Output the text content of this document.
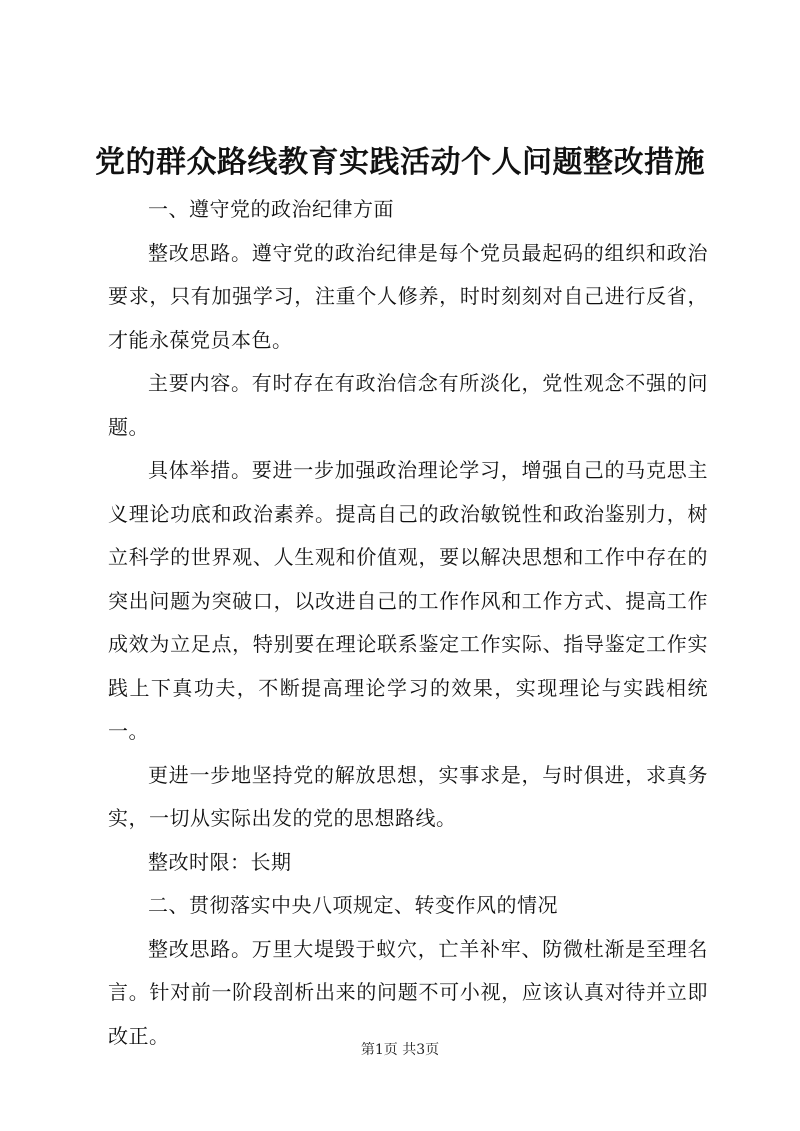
党的群众路线教育实践活动个人问题整改措施

一、遵守党的政治纪律方面

整改思路。遵守党的政治纪律是每个党员最起码的组织和政治要求，只有加强学习，注重个人修养，时时刻刻对自己进行反省，才能永葆党员本色。

主要内容。有时存在有政治信念有所淡化，党性观念不强的问题。

具体举措。要进一步加强政治理论学习，增强自己的马克思主义理论功底和政治素养。提高自己的政治敏锐性和政治鉴别力，树立科学的世界观、人生观和价值观，要以解决思想和工作中存在的突出问题为突破口，以改进自己的工作作风和工作方式、提高工作成效为立足点，特别要在理论联系鉴定工作实际、指导鉴定工作实践上下真功夫，不断提高理论学习的效果，实现理论与实践相统一。

更进一步地坚持党的解放思想，实事求是，与时俱进，求真务实，一切从实际出发的党的思想路线。

整改时限：长期

二、贯彻落实中央八项规定、转变作风的情况

整改思路。万里大堤毁于蚁穴，亡羊补牢、防微杜渐是至理名言。针对前一阶段剖析出来的问题不可小视，应该认真对待并立即改正。

第1页 共3页
